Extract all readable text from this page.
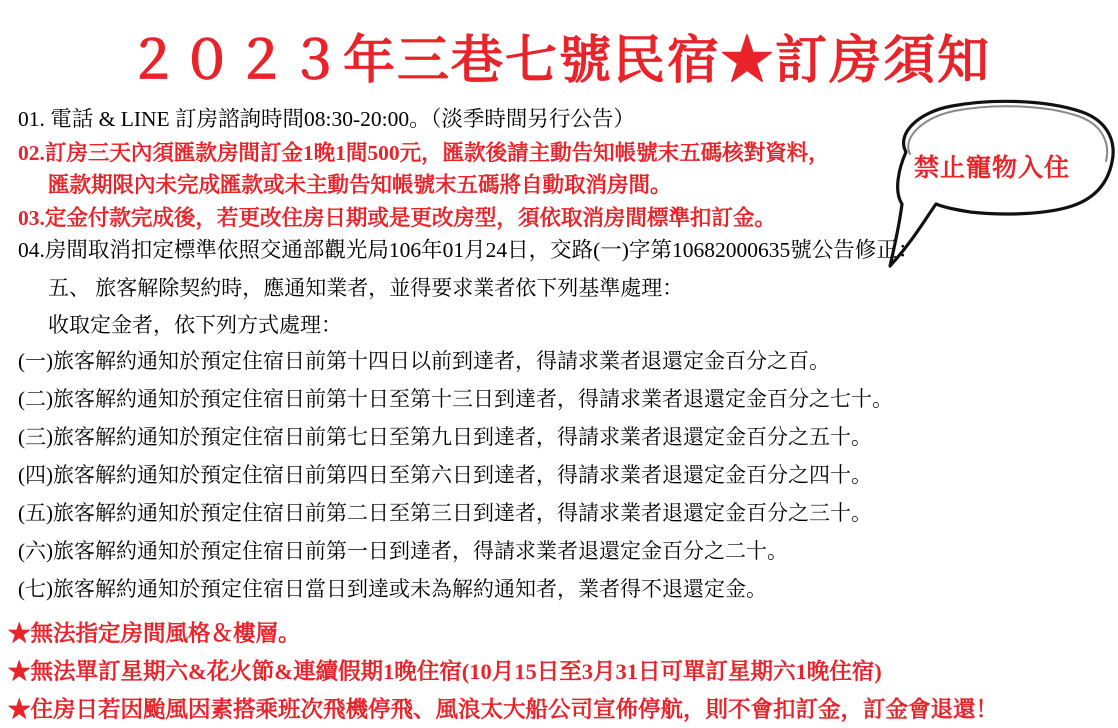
２０２３年三巷七號民宿★訂房須知
01. 電話 & LINE 訂房諮詢時間08:30-20:00。（淡季時間另行公告）
02.訂房三天內須匯款房間訂金1晚1間500元，匯款後請主動告知帳號末五碼核對資料，
匯款期限內未完成匯款或未主動告知帳號末五碼將自動取消房間。
03.定金付款完成後，若更改住房日期或是更改房型，須依取消房間標準扣訂金。
04.房間取消扣定標準依照交通部觀光局106年01月24日，交路(一)字第10682000635號公告修正：
五、 旅客解除契約時，應通知業者，並得要求業者依下列基準處理：
收取定金者，依下列方式處理：
(一)旅客解約通知於預定住宿日前第十四日以前到達者，得請求業者退還定金百分之百。
(二)旅客解約通知於預定住宿日前第十日至第十三日到達者，得請求業者退還定金百分之七十。
(三)旅客解約通知於預定住宿日前第七日至第九日到達者，得請求業者退還定金百分之五十。
(四)旅客解約通知於預定住宿日前第四日至第六日到達者，得請求業者退還定金百分之四十。
(五)旅客解約通知於預定住宿日前第二日至第三日到達者，得請求業者退還定金百分之三十。
(六)旅客解約通知於預定住宿日前第一日到達者，得請求業者退還定金百分之二十。
(七)旅客解約通知於預定住宿日當日到達或未為解約通知者，業者得不退還定金。
★無法指定房間風格＆樓層。
★無法單訂星期六&花火節&連續假期1晚住宿(10月15日至3月31日可單訂星期六1晚住宿)
★住房日若因颱風因素搭乘班次飛機停飛、風浪太大船公司宣佈停航，則不會扣訂金，訂金會退還！
禁止寵物入住
